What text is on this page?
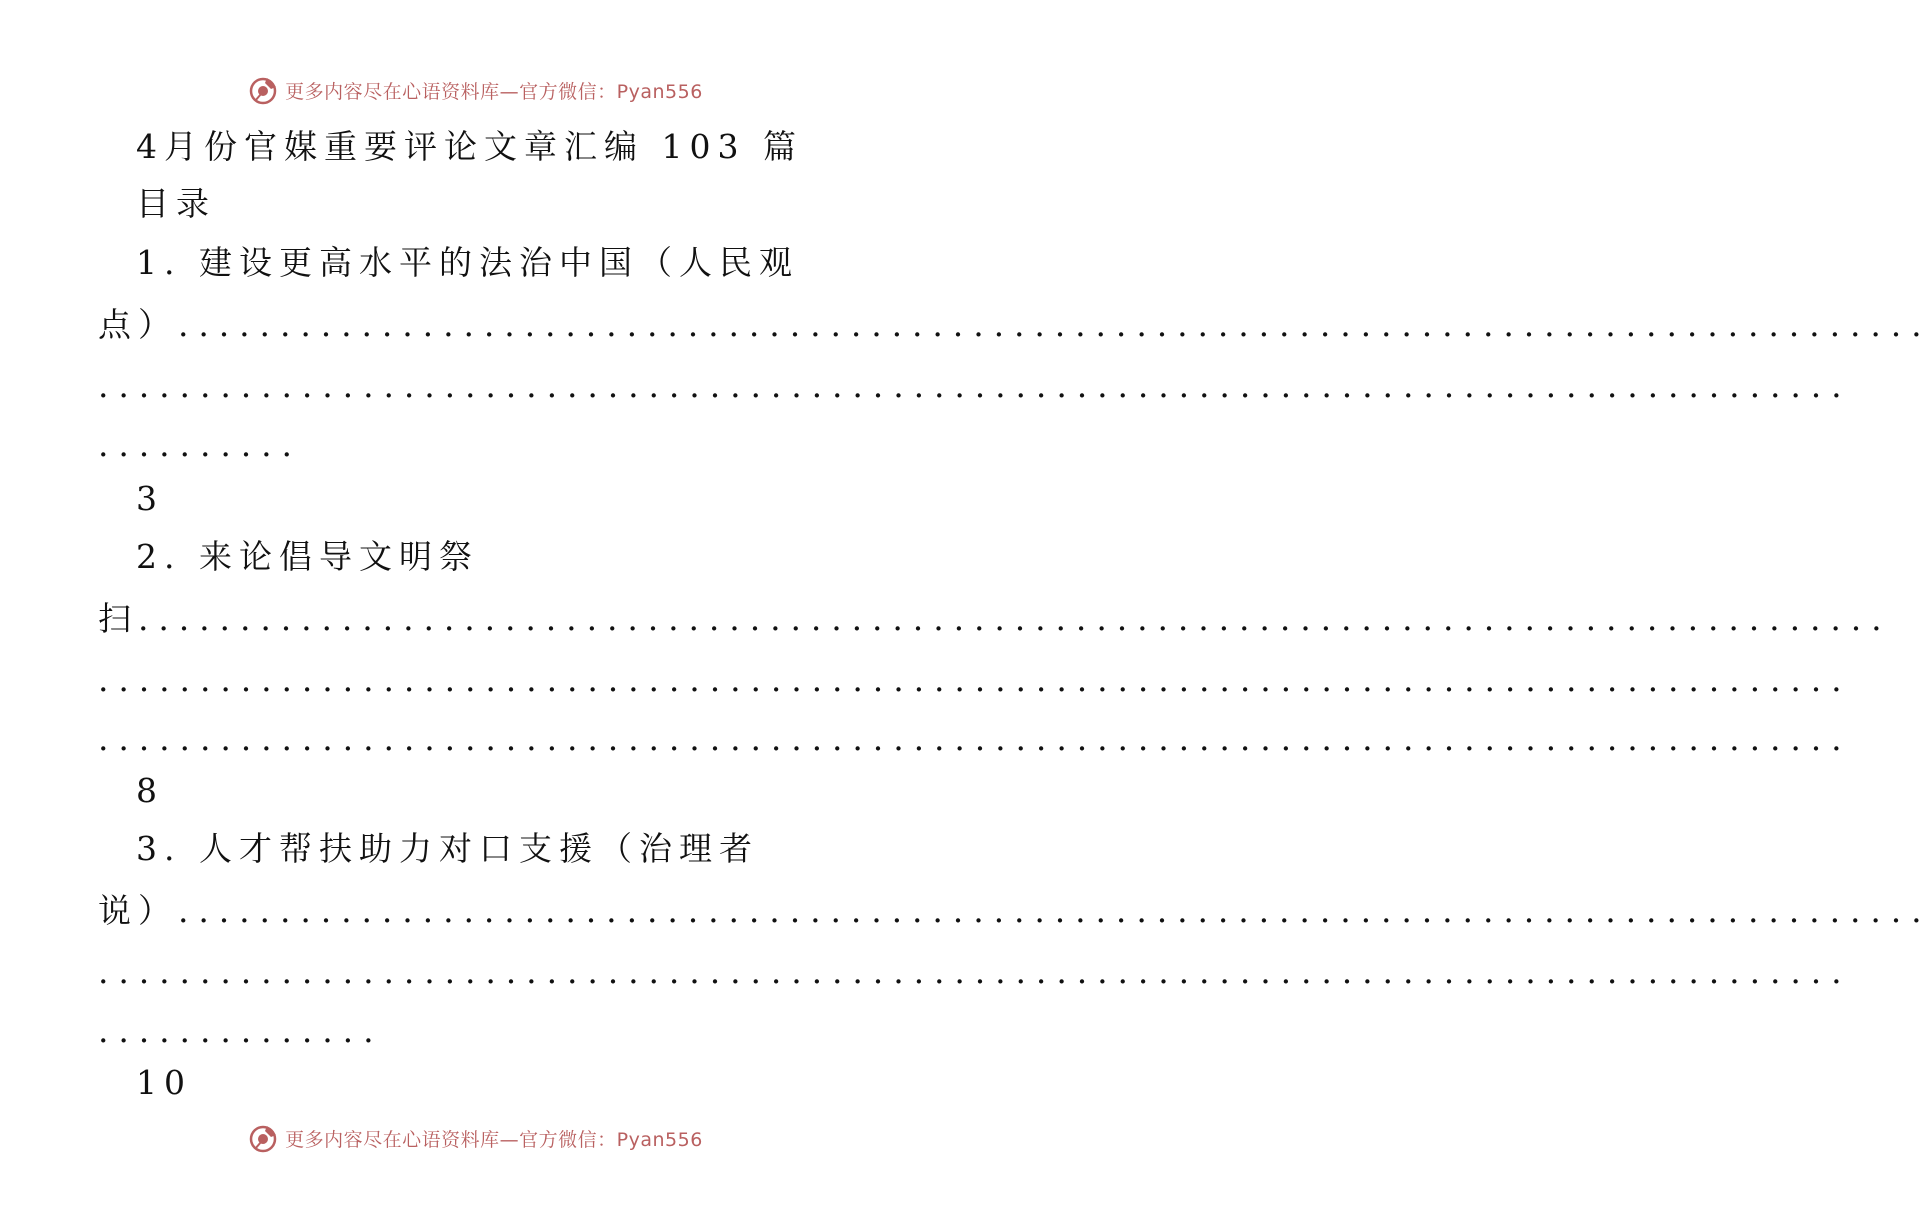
更多内容尽在心语资料库—官方微信：Pyan556
4月份官媒重要评论文章汇编 103 篇
目录
1. 建设更高水平的法治中国（人民观
点）......................................................................................
......................................................................................
..........
3
2. 来论倡导文明祭
扫......................................................................................
......................................................................................
......................................................................................
8
3. 人才帮扶助力对口支援（治理者
说）......................................................................................
......................................................................................
..............
10
更多内容尽在心语资料库—官方微信：Pyan556
